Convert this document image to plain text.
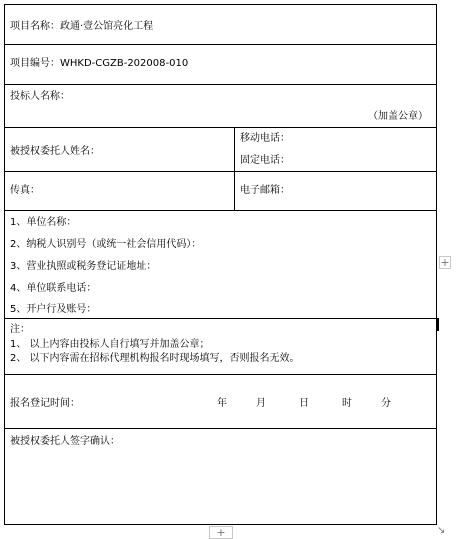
项目名称：政通·壹公馆亮化工程
项目编号：WHKD-CGZB-202008-010
投标人名称：
（加盖公章）
被授权委托人姓名：
移动电话：
固定电话：
传真：	电子邮箱：
1、单位名称：
2、纳税人识别号（或统一社会信用代码）：
3、营业执照或税务登记证地址：
4、单位联系电话：
5、开户行及账号：
注：
1、 以上内容由投标人自行填写并加盖公章；
2、 以下内容需在招标代理机构报名时现场填写，否则报名无效。
报名登记时间：	年	月	日	时	分
被授权委托人签字确认：
+
+	↘
